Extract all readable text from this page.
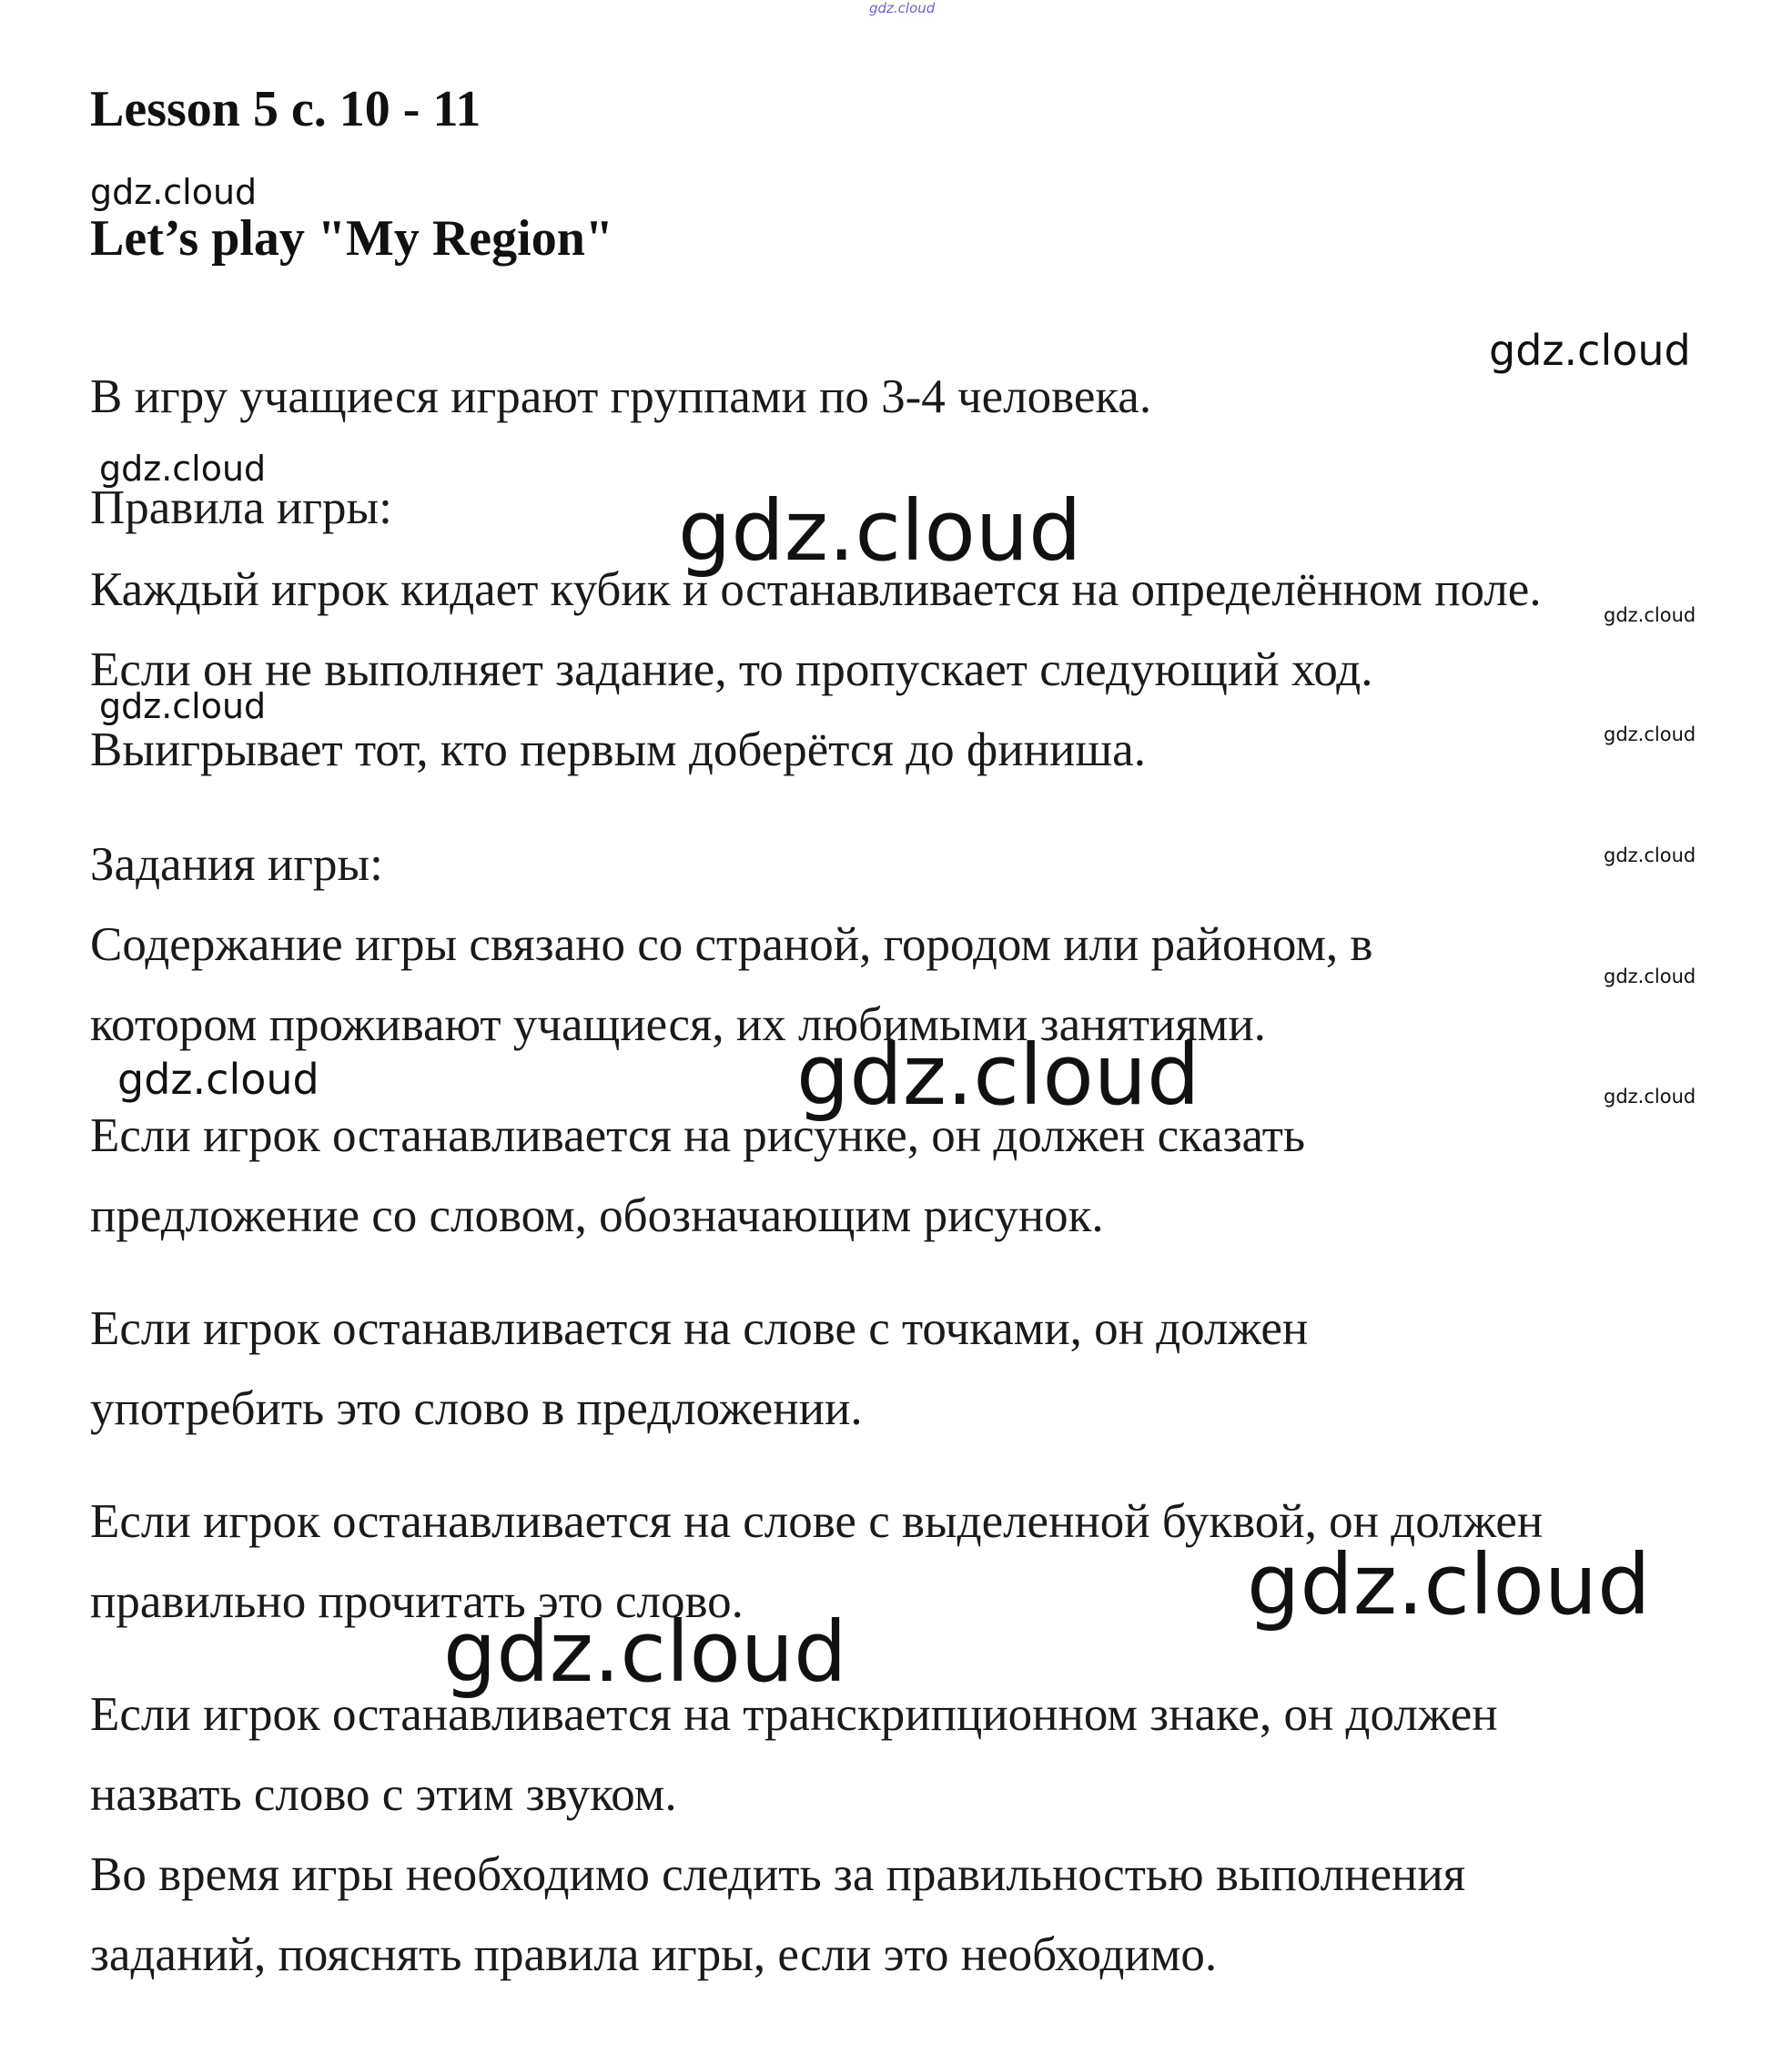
Lesson 5 с. 10 - 11
Let’s play "My Region"
В игру учащиеся играют группами по 3-4 человека.
Правила игры:
Каждый игрок кидает кубик и останавливается на определённом поле.
Если он не выполняет задание, то пропускает следующий ход.
Выигрывает тот, кто первым доберётся до финиша.
Задания игры:
Содержание игры связано со страной, городом или районом, в
котором проживают учащиеся, их любимыми занятиями.
Если игрок останавливается на рисунке, он должен сказать
предложение со словом, обозначающим рисунок.
Если игрок останавливается на слове с точками, он должен
употребить это слово в предложении.
Если игрок останавливается на слове с выделенной буквой, он должен
правильно прочитать это слово.
Если игрок останавливается на транскрипционном знаке, он должен
назвать слово с этим звуком.
Во время игры необходимо следить за правильностью выполнения
заданий, пояснять правила игры, если это необходимо.
gdz.cloud
gdz.cloud
gdz.cloud
gdz.cloud
gdz.cloud
gdz.cloud
gdz.cloud
gdz.cloud
gdz.cloud
gdz.cloud
gdz.cloud	gdz.cloud	gdz.cloud
gdz.cloud
gdz.cloud
